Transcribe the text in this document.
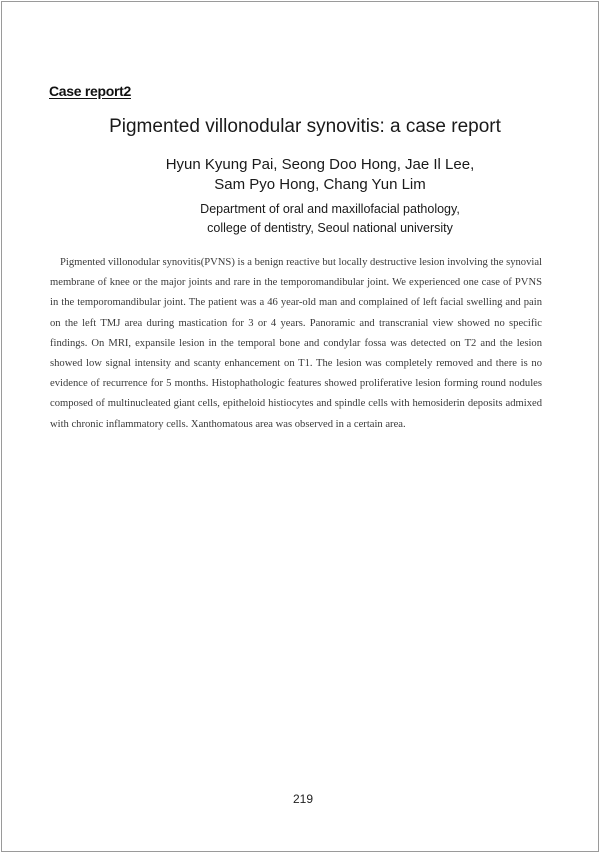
Case report2
Pigmented villonodular synovitis: a case report
Hyun Kyung Pai, Seong Doo Hong, Jae Il Lee,
Sam Pyo Hong, Chang Yun Lim
Department of oral and maxillofacial pathology,
college of dentistry, Seoul national university

Pigmented villonodular synovitis(PVNS) is a benign reactive but locally destructive lesion involving the synovial membrane of knee or the major joints and rare in the temporomandibular joint. We experienced one case of PVNS in the temporomandibular joint. The patient was a 46 year-old man and complained of left facial swelling and pain on the left TMJ area during mastication for 3 or 4 years. Panoramic and transcranial view showed no specific findings. On MRI, expansile lesion in the temporal bone and condylar fossa was detected on T2 and the lesion showed low signal intensity and scanty enhancement on T1. The lesion was completely removed and there is no evidence of recurrence for 5 months. Histophathologic features showed proliferative lesion forming round nodules composed of multinucleated giant cells, epitheloid histiocytes and spindle cells with hemosiderin deposits admixed with chronic inflammatory cells. Xanthomatous area was observed in a certain area.

219
